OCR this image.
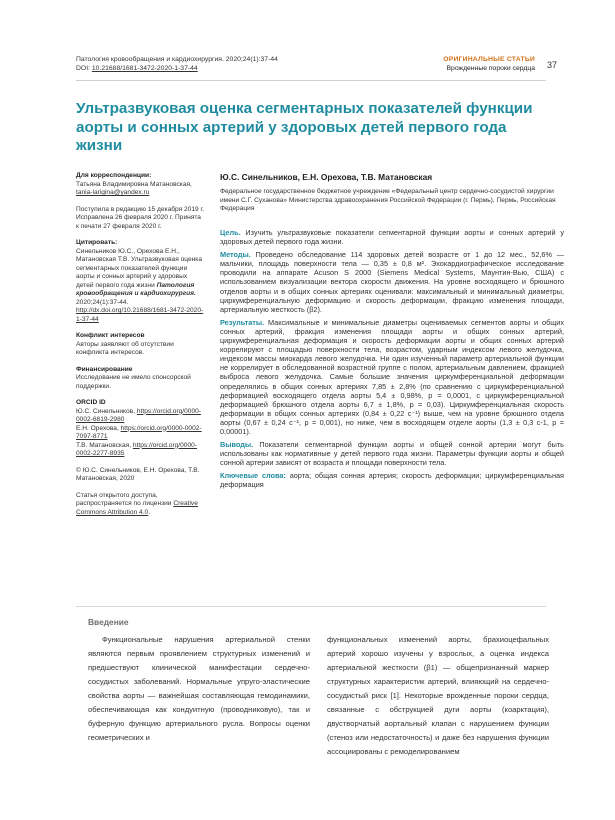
Патология кровообращения и кардиохирургия. 2020;24(1):37-44
DOI: 10.21688/1681-3472-2020-1-37-44
ОРИГИНАЛЬНЫЕ СТАТЬИ
Врожденные пороки сердца 37
Ультразвуковая оценка сегментарных показателей функции аорты и сонных артерий у здоровых детей первого года жизни
Для корреспонденции:
Татьяна Владимировна Матановская,
tania-larigina@yandex.ru
Поступила в редакцию 15 декабря 2019 г. Исправлена 26 февраля 2020 г. Принята к печати 27 февраля 2020 г.
Цитировать:
Синельников Ю.С., Орехова Е.Н., Матановская Т.В. Ультразвуковая оценка сегментарных показателей функции аорты и сонных артерий у здоровых детей первого года жизни Патология кровообращения и кардиохирургия. 2020;24(1):37-44. http://dx.doi.org/10.21688/1681-3472-2020-1-37-44
Конфликт интересов
Авторы заявляют об отсутствии конфликта интересов.
Финансирование
Исследование не имело спонсорской поддержки.
ORCID ID
Ю.С. Синельников, https://orcid.org/0000-0002-6819-2980
Е.Н. Орехова, https://orcid.org/0000-0002-7097-8771
Т.В. Матановская, https://orcid.org/0000-0002-2277-8935
© Ю.С. Синельников, Е.Н. Орехова, Т.В. Матановская, 2020
Статья открытого доступа, распространяется по лицензии Creative Commons Attribution 4.0.
Ю.С. Синельников, Е.Н. Орехова, Т.В. Матановская
Федеральное государственное бюджетное учреждение «Федеральный центр сердечно-сосудистой хирургии имени С.Г. Суханова» Министерства здравоохранения Российской Федерации (г. Пермь), Пермь, Российская Федерация

Цель. Изучить ультразвуковые показатели сегментарной функции аорты и сонных артерий у здоровых детей первого года жизни.

Методы. Проведено обследование 114 здоровых детей возрасте от 1 до 12 мес., 52,6% — мальчики, площадь поверхности тела — 0,35 ± 0,8 м². Эхокардиографическое исследование проводили на аппарате Acuson S 2000 (Siemens Medical Systems, Маунтин-Вью, США) с использованием визуализации вектора скорости движения. На уровне восходящего и брюшного отделов аорты и в общих сонных артериях оценивали: максимальный и минимальный диаметры, циркумференциальную деформацию и скорость деформации, фракцию изменения площади, артериальную жесткость (β2).

Результаты. Максимальные и минимальные диаметры оцениваемых сегментов аорты и общих сонных артерий, фракция изменения площади аорты и общих сонных артерий, циркумференциальная деформация и скорость деформации аорты и общих сонных артерий коррелируют с площадью поверхности тела, возрастом, ударным индексом левого желудочка, индексом массы миокарда левого желудочка. Ни один изученный параметр артериальной функции не коррелирует в обследованной возрастной группе с полом, артериальным давлением, фракцией выброса левого желудочка. Самые большие значения циркумференциальной деформации определялись в общих сонных артериях 7,85 ± 2,8% (по сравнению с циркумференциальной деформацией восходящего отдела аорты 5,4 ± 0,98%, p = 0,0001, с циркумференциальной деформацией брюшного отдела аорты 6,7 ± 1,8%, p = 0,03). Циркумференциальная скорость деформации в общих сонных артериях (0,84 ± 0,22 с⁻¹) выше, чем на уровне брюшного отдела аорты (0,67 ± 0,24 с⁻¹, p = 0,001), но ниже, чем в восходящем отделе аорты (1,3 ± 0,3 с-1, p = 0,00001).

Выводы. Показатели сегментарной функции аорты и общей сонной артерии могут быть использованы как нормативные у детей первого года жизни. Параметры функции аорты и общей сонной артерии зависят от возраста и площади поверхности тела.

Ключевые слова: аорта; общая сонная артерия; скорость деформации; циркумференциальная деформация

Введение

Функциональные нарушения артериальной стенки являются первым проявлением структурных изменений и предшествуют клинической манифестации сердечно-сосудистых заболеваний. Нормальные упруго-эластические свойства аорты — важнейшая составляющая гемодинамики, обеспечивающая как кондуитную (проводниковую), так и буферную функцию артериального русла. Вопросы оценки геометрических и

функциональных изменений аорты, брахиоцефальных артерий хорошо изучены у взрослых, а оценка индекса артериальной жесткости (β1) — общепризнанный маркер структурных характеристик артерий, влияющий на сердечно-сосудистый риск [1]. Некоторые врожденные пороки сердца, связанные с обструкцией дуги аорты (коарктация), двустворчатый аортальный клапан с нарушением функции (стеноз или недостаточность) и даже без нарушения функции ассоциированы с ремоделированием
